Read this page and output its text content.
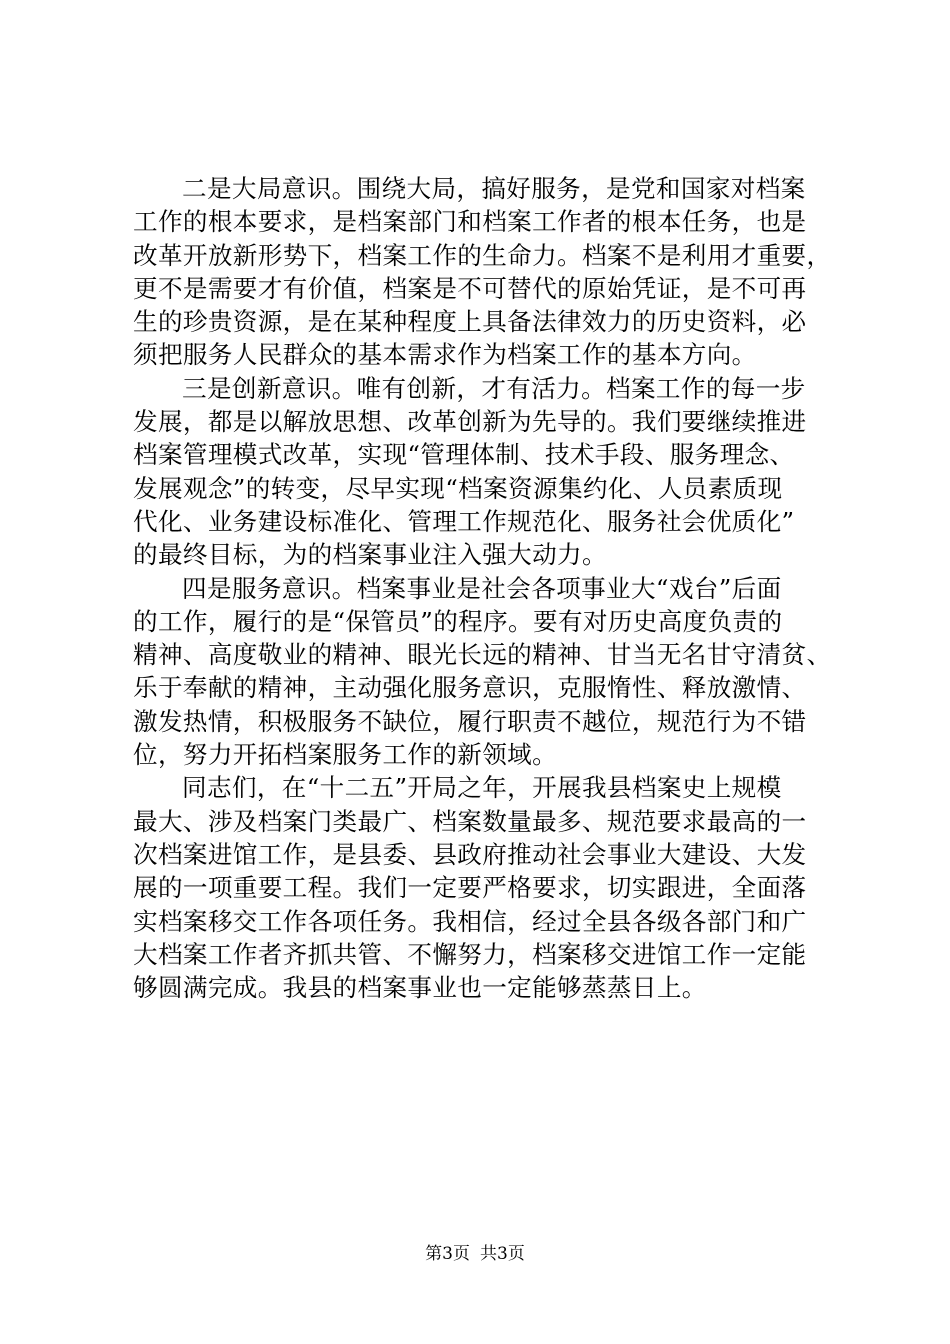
二是大局意识。围绕大局，搞好服务，是党和国家对档案
工作的根本要求，是档案部门和档案工作者的根本任务，也是
改革开放新形势下，档案工作的生命力。档案不是利用才重要，
更不是需要才有价值，档案是不可替代的原始凭证，是不可再
生的珍贵资源，是在某种程度上具备法律效力的历史资料，必
须把服务人民群众的基本需求作为档案工作的基本方向。
三是创新意识。唯有创新，才有活力。档案工作的每一步
发展，都是以解放思想、改革创新为先导的。我们要继续推进
档案管理模式改革，实现“管理体制、技术手段、服务理念、
发展观念”的转变，尽早实现“档案资源集约化、人员素质现
代化、业务建设标准化、管理工作规范化、服务社会优质化”
的最终目标，为的档案事业注入强大动力。
四是服务意识。档案事业是社会各项事业大“戏台”后面
的工作，履行的是“保管员”的程序。要有对历史高度负责的
精神、高度敬业的精神、眼光长远的精神、甘当无名甘守清贫、
乐于奉献的精神，主动强化服务意识，克服惰性、释放激情、
激发热情，积极服务不缺位，履行职责不越位，规范行为不错
位，努力开拓档案服务工作的新领域。
同志们，在“十二五”开局之年，开展我县档案史上规模
最大、涉及档案门类最广、档案数量最多、规范要求最高的一
次档案进馆工作，是县委、县政府推动社会事业大建设、大发
展的一项重要工程。我们一定要严格要求，切实跟进，全面落
实档案移交工作各项任务。我相信，经过全县各级各部门和广
大档案工作者齐抓共管、不懈努力，档案移交进馆工作一定能
够圆满完成。我县的档案事业也一定能够蒸蒸日上。
第3页 共3页
